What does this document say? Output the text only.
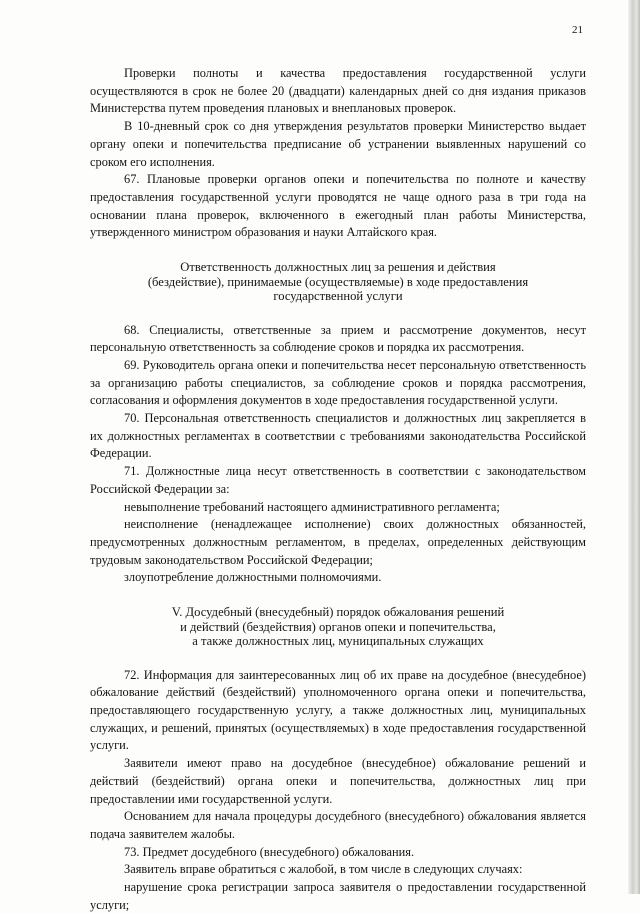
21

Проверки полноты и качества предоставления государственной услуги осуществляются в срок не более 20 (двадцати) календарных дней со дня издания приказов Министерства путем проведения плановых и внеплановых проверок.

В 10-дневный срок со дня утверждения результатов проверки Министерство выдает органу опеки и попечительства предписание об устранении выявленных нарушений со сроком его исполнения.

67. Плановые проверки органов опеки и попечительства по полноте и качеству предоставления государственной услуги проводятся не чаще одного раза в три года на основании плана проверок, включенного в ежегодный план работы Министерства, утвержденного министром образования и науки Алтайского края.

Ответственность должностных лиц за решения и действия
(бездействие), принимаемые (осуществляемые) в ходе предоставления
государственной услуги

68. Специалисты, ответственные за прием и рассмотрение документов, несут персональную ответственность за соблюдение сроков и порядка их рассмотрения.

69. Руководитель органа опеки и попечительства несет персональную ответственность за организацию работы специалистов, за соблюдение сроков и порядка рассмотрения, согласования и оформления документов в ходе предоставления государственной услуги.

70. Персональная ответственность специалистов и должностных лиц закрепляется в их должностных регламентах в соответствии с требованиями законодательства Российской Федерации.

71. Должностные лица несут ответственность в соответствии с законодательством Российской Федерации за:

невыполнение требований настоящего административного регламента;

неисполнение (ненадлежащее исполнение) своих должностных обязанностей, предусмотренных должностным регламентом, в пределах, определенных действующим трудовым законодательством Российской Федерации;

злоупотребление должностными полномочиями.

V. Досудебный (внесудебный) порядок обжалования решений
и действий (бездействия) органов опеки и попечительства,
а также должностных лиц, муниципальных служащих

72. Информация для заинтересованных лиц об их праве на досудебное (внесудебное) обжалование действий (бездействий) уполномоченного органа опеки и попечительства, предоставляющего государственную услугу, а также должностных лиц, муниципальных служащих, и решений, принятых (осуществляемых) в ходе предоставления государственной услуги.

Заявители имеют право на досудебное (внесудебное) обжалование решений и действий (бездействий) органа опеки и попечительства, должностных лиц при предоставлении ими государственной услуги.

Основанием для начала процедуры досудебного (внесудебного) обжалования является подача заявителем жалобы.

73. Предмет досудебного (внесудебного) обжалования.

Заявитель вправе обратиться с жалобой, в том числе в следующих случаях:

нарушение срока регистрации запроса заявителя о предоставлении государственной услуги;
